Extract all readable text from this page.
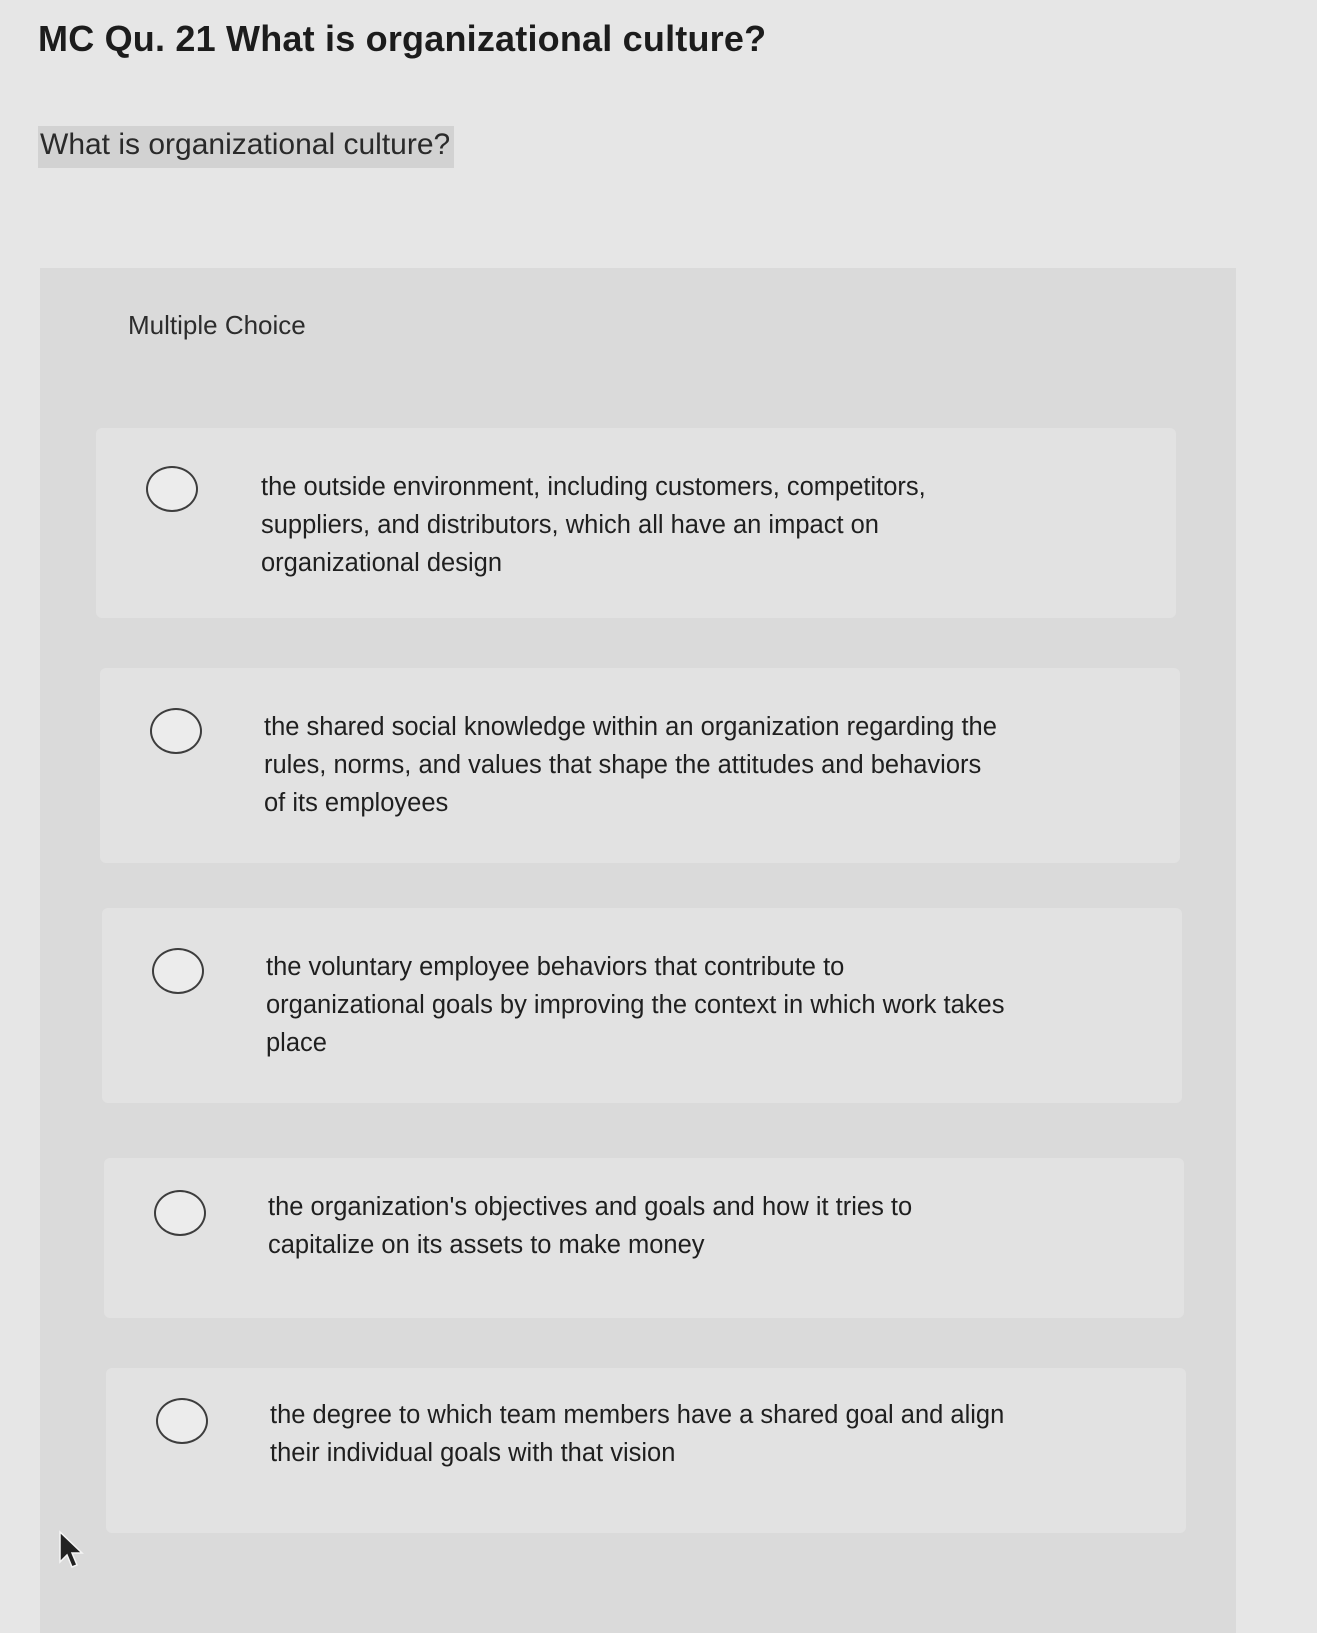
MC Qu. 21 What is organizational culture?
What is organizational culture?
Multiple Choice
the outside environment, including customers, competitors, suppliers, and distributors, which all have an impact on organizational design
the shared social knowledge within an organization regarding the rules, norms, and values that shape the attitudes and behaviors of its employees
the voluntary employee behaviors that contribute to organizational goals by improving the context in which work takes place
the organization's objectives and goals and how it tries to capitalize on its assets to make money
the degree to which team members have a shared goal and align their individual goals with that vision
